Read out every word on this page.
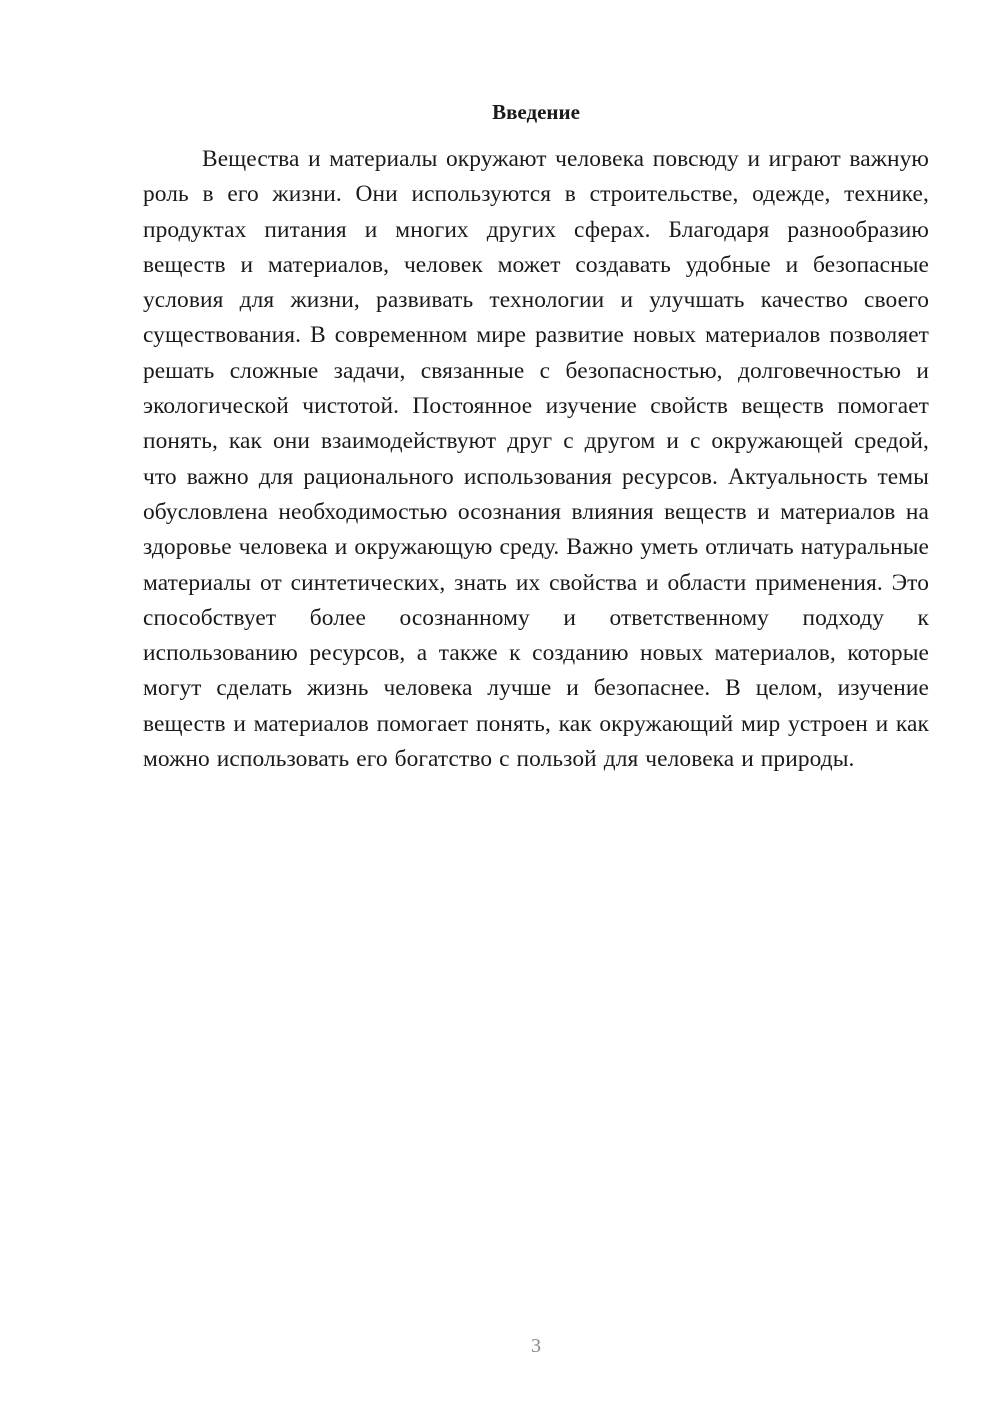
Введение

Вещества и материалы окружают человека повсюду и играют важную роль в его жизни. Они используются в строительстве, одежде, технике, продуктах питания и многих других сферах. Благодаря разнообразию веществ и материалов, человек может создавать удобные и безопасные условия для жизни, развивать технологии и улучшать качество своего существования. В современном мире развитие новых материалов позволяет решать сложные задачи, связанные с безопасностью, долговечностью и экологической чистотой. Постоянное изучение свойств веществ помогает понять, как они взаимодействуют друг с другом и с окружающей средой, что важно для рационального использования ресурсов. Актуальность темы обусловлена необходимостью осознания влияния веществ и материалов на здоровье человека и окружающую среду. Важно уметь отличать натуральные материалы от синтетических, знать их свойства и области применения. Это способствует более осознанному и ответственному подходу к использованию ресурсов, а также к созданию новых материалов, которые могут сделать жизнь человека лучше и безопаснее. В целом, изучение веществ и материалов помогает понять, как окружающий мир устроен и как можно использовать его богатство с пользой для человека и природы.

3
